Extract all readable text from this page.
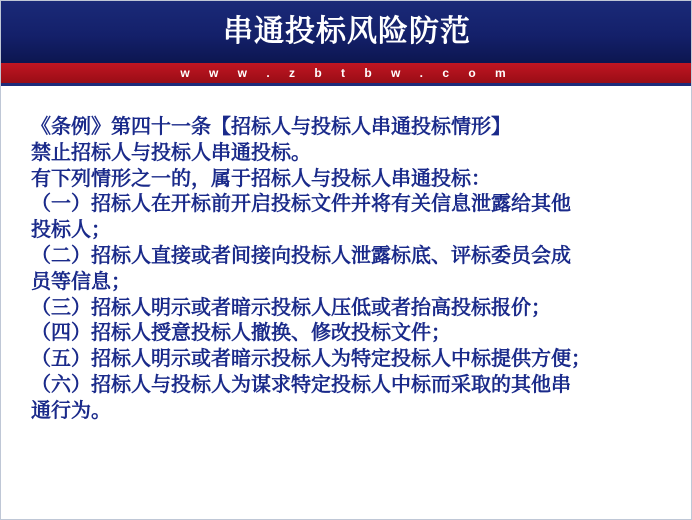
串通投标风险防范
w w w . z b t b w . c o m
《条例》第四十一条【招标人与投标人串通投标情形】
禁止招标人与投标人串通投标。
有下列情形之一的，属于招标人与投标人串通投标：
（一）招标人在开标前开启投标文件并将有关信息泄露给其他
投标人；
（二）招标人直接或者间接向投标人泄露标底、评标委员会成
员等信息；
（三）招标人明示或者暗示投标人压低或者抬高投标报价；
（四）招标人授意投标人撤换、修改投标文件；
（五）招标人明示或者暗示投标人为特定投标人中标提供方便；
（六）招标人与投标人为谋求特定投标人中标而采取的其他串
通行为。
